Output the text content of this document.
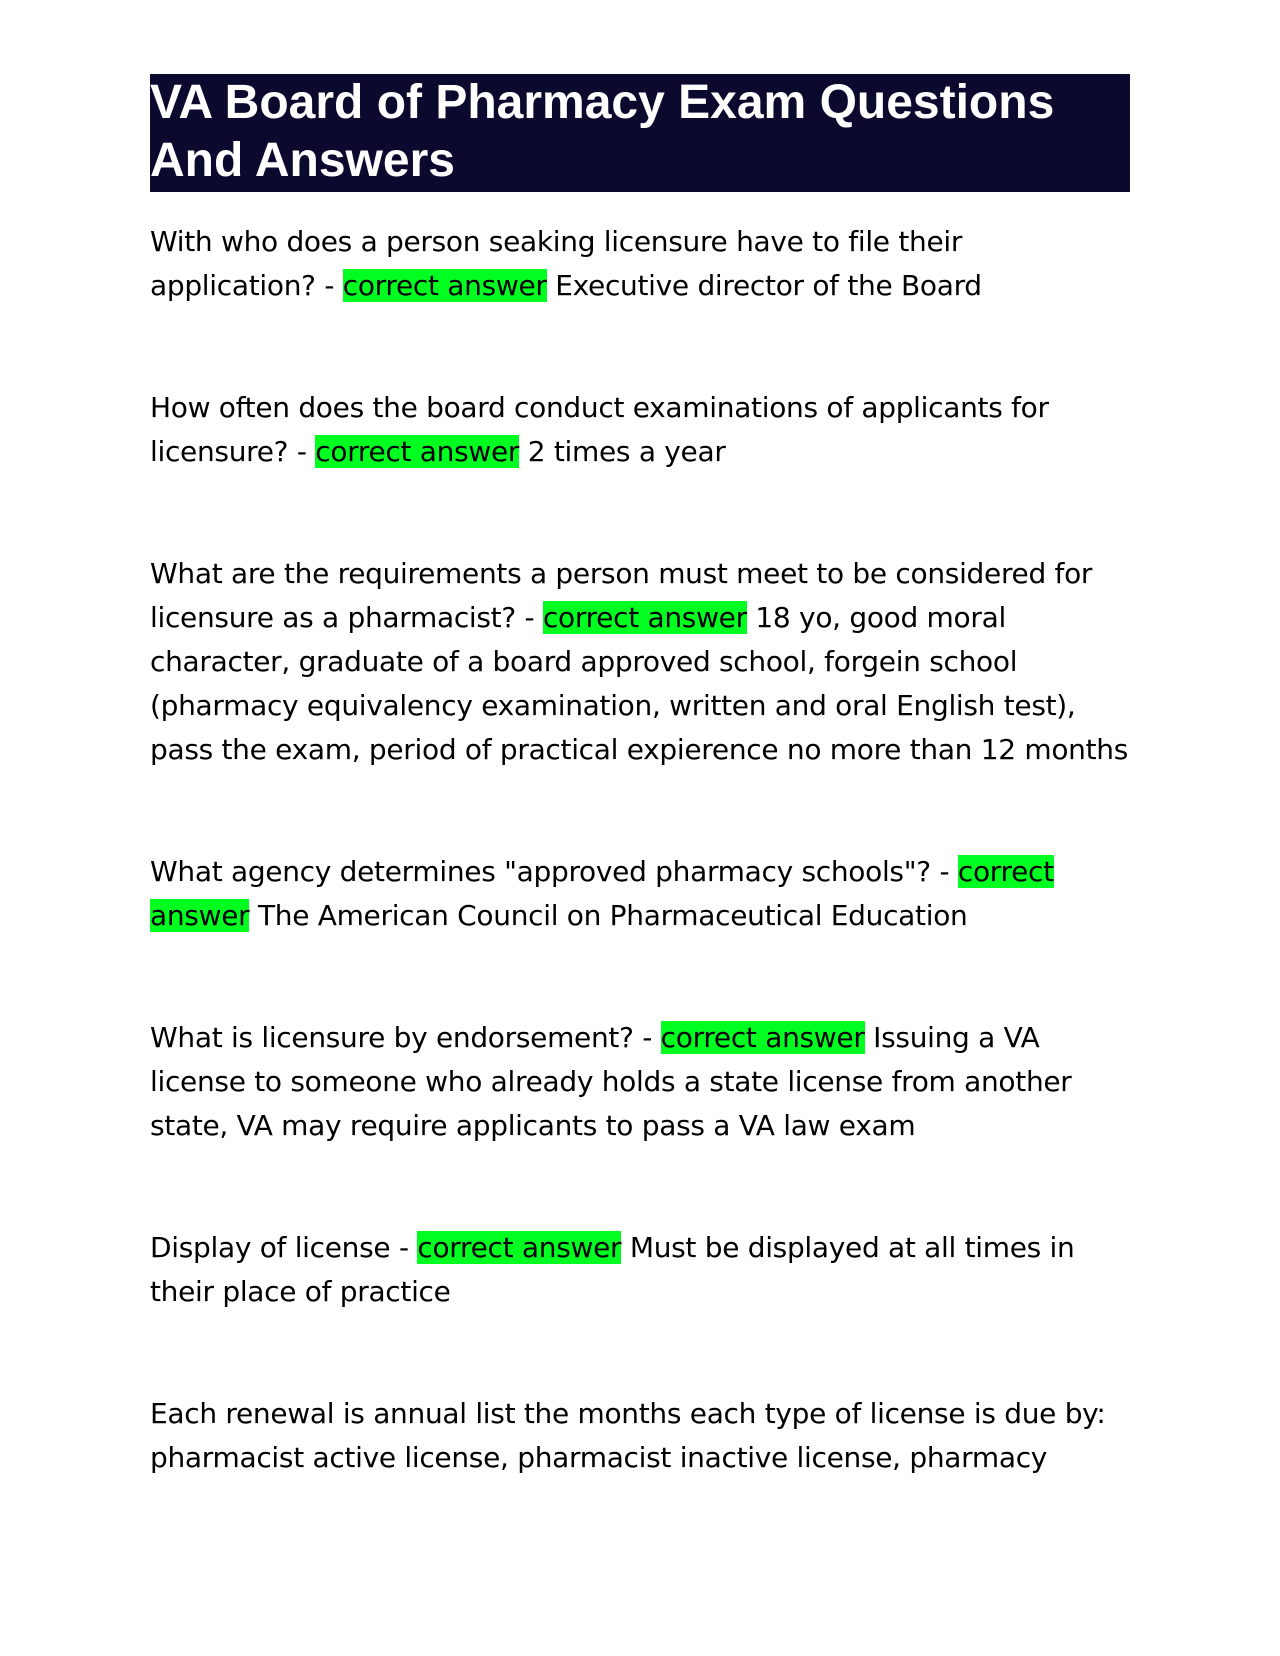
VA Board of Pharmacy Exam Questions And Answers

With who does a person seaking licensure have to file their application? - correct answer Executive director of the Board

How often does the board conduct examinations of applicants for licensure? - correct answer 2 times a year

What are the requirements a person must meet to be considered for licensure as a pharmacist? - correct answer 18 yo, good moral character, graduate of a board approved school, forgein school (pharmacy equivalency examination, written and oral English test), pass the exam, period of practical expierence no more than 12 months

What agency determines "approved pharmacy schools"? - correct answer The American Council on Pharmaceutical Education

What is licensure by endorsement? - correct answer Issuing a VA license to someone who already holds a state license from another state, VA may require applicants to pass a VA law exam

Display of license - correct answer Must be displayed at all times in their place of practice

Each renewal is annual list the months each type of license is due by: pharmacist active license, pharmacist inactive license, pharmacy
